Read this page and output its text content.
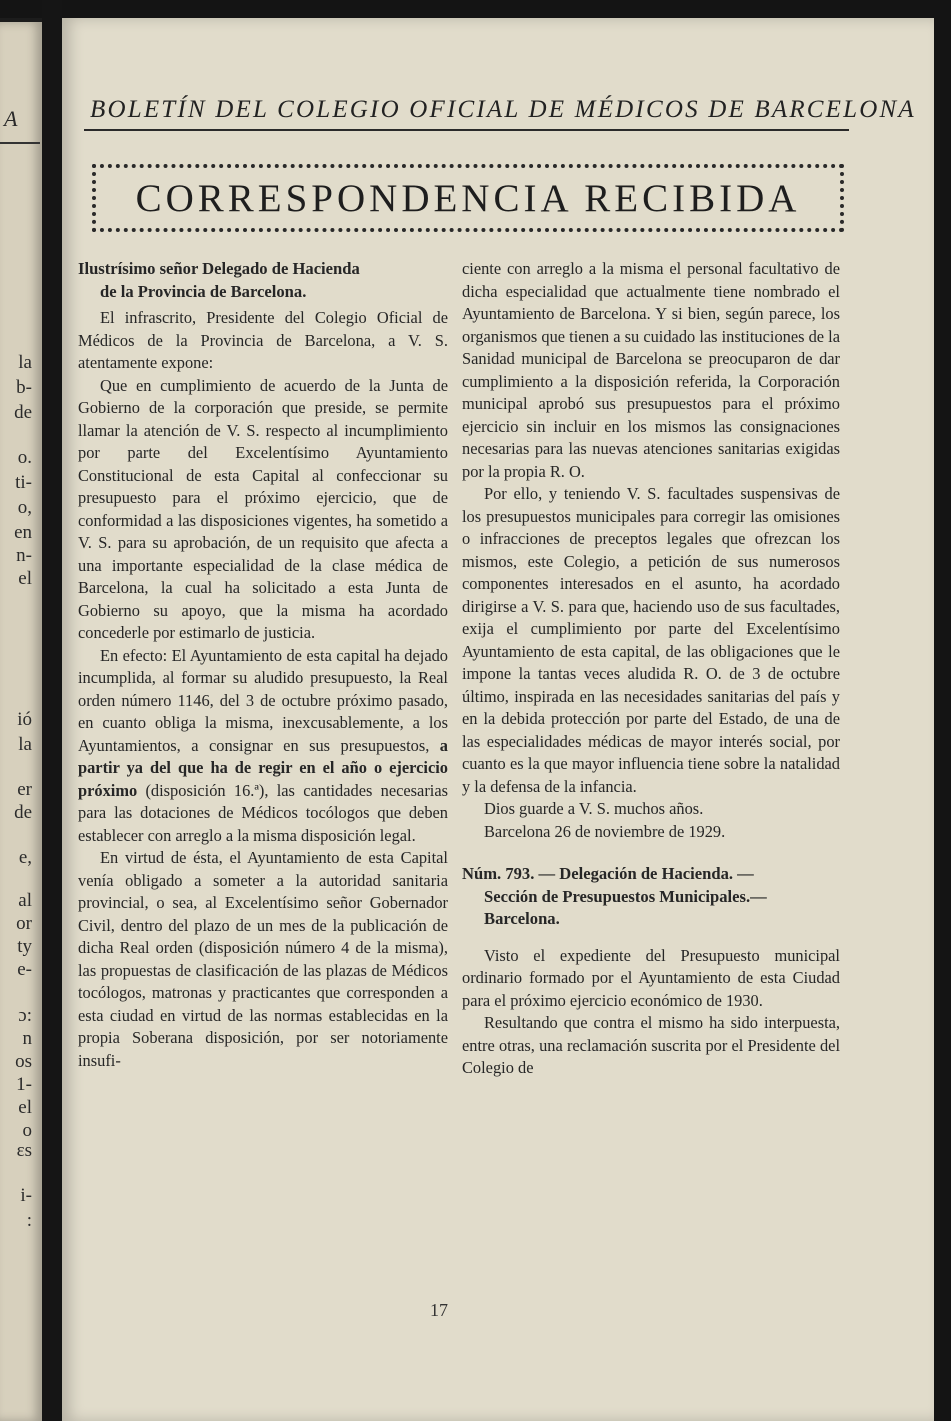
A
la
b-
de
o.
ti-
o,
en
n-
el
ió
la
er
de
e,
al
or
ty
e-
ɔ:
n
os
1-
el
o
ɛs
i-
:
BOLETÍN DEL COLEGIO OFICIAL DE MÉDICOS DE BARCELONA
CORRESPONDENCIA RECIBIDA
Ilustrísimo señor Delegado de Hacienda
de la Provincia de Barcelona.

El infrascrito, Presidente del Colegio Oficial de Médicos de la Provincia de Barcelona, a V. S. atentamente expone:

Que en cumplimiento de acuerdo de la Junta de Gobierno de la corporación que preside, se permite llamar la atención de V. S. respecto al incumplimiento por parte del Excelentísimo Ayuntamiento Constitucional de esta Capital al confeccionar su presupuesto para el próximo ejercicio, que de conformidad a las disposiciones vigentes, ha sometido a V. S. para su aprobación, de un requisito que afecta a una importante especialidad de la clase médica de Barcelona, la cual ha solicitado a esta Junta de Gobierno su apoyo, que la misma ha acordado concederle por estimarlo de justicia.

En efecto: El Ayuntamiento de esta capital ha dejado incumplida, al formar su aludido presupuesto, la Real orden número 1146, del 3 de octubre próximo pasado, en cuanto obliga la misma, inexcusablemente, a los Ayuntamientos, a consignar en sus presupuestos, a partir ya del que ha de regir en el año o ejercicio próximo (disposición 16.ª), las cantidades necesarias para las dotaciones de Médicos tocólogos que deben establecer con arreglo a la misma disposición legal.

En virtud de ésta, el Ayuntamiento de esta Capital venía obligado a someter a la autoridad sanitaria provincial, o sea, al Excelentísimo señor Gobernador Civil, dentro del plazo de un mes de la publicación de dicha Real orden (disposición número 4 de la misma), las propuestas de clasificación de las plazas de Médicos tocólogos, matronas y practicantes que corresponden a esta ciudad en virtud de las normas establecidas en la propia Soberana disposición, por ser notoriamente insufi-

ciente con arreglo a la misma el personal facultativo de dicha especialidad que actualmente tiene nombrado el Ayuntamiento de Barcelona. Y si bien, según parece, los organismos que tienen a su cuidado las instituciones de la Sanidad municipal de Barcelona se preocuparon de dar cumplimiento a la disposición referida, la Corporación municipal aprobó sus presupuestos para el próximo ejercicio sin incluir en los mismos las consignaciones necesarias para las nuevas atenciones sanitarias exigidas por la propia R. O.

Por ello, y teniendo V. S. facultades suspensivas de los presupuestos municipales para corregir las omisiones o infracciones de preceptos legales que ofrezcan los mismos, este Colegio, a petición de sus numerosos componentes interesados en el asunto, ha acordado dirigirse a V. S. para que, haciendo uso de sus facultades, exija el cumplimiento por parte del Excelentísimo Ayuntamiento de esta capital, de las obligaciones que le impone la tantas veces aludida R. O. de 3 de octubre último, inspirada en las necesidades sanitarias del país y en la debida protección por parte del Estado, de una de las especialidades médicas de mayor interés social, por cuanto es la que mayor influencia tiene sobre la natalidad y la defensa de la infancia.

Dios guarde a V. S. muchos años.

Barcelona 26 de noviembre de 1929.

Núm. 793. — Delegación de Hacienda. —
Sección de Presupuestos Municipales.—
Barcelona.

Visto el expediente del Presupuesto municipal ordinario formado por el Ayuntamiento de esta Ciudad para el próximo ejercicio económico de 1930.

Resultando que contra el mismo ha sido interpuesta, entre otras, una reclamación suscrita por el Presidente del Colegio de

17
